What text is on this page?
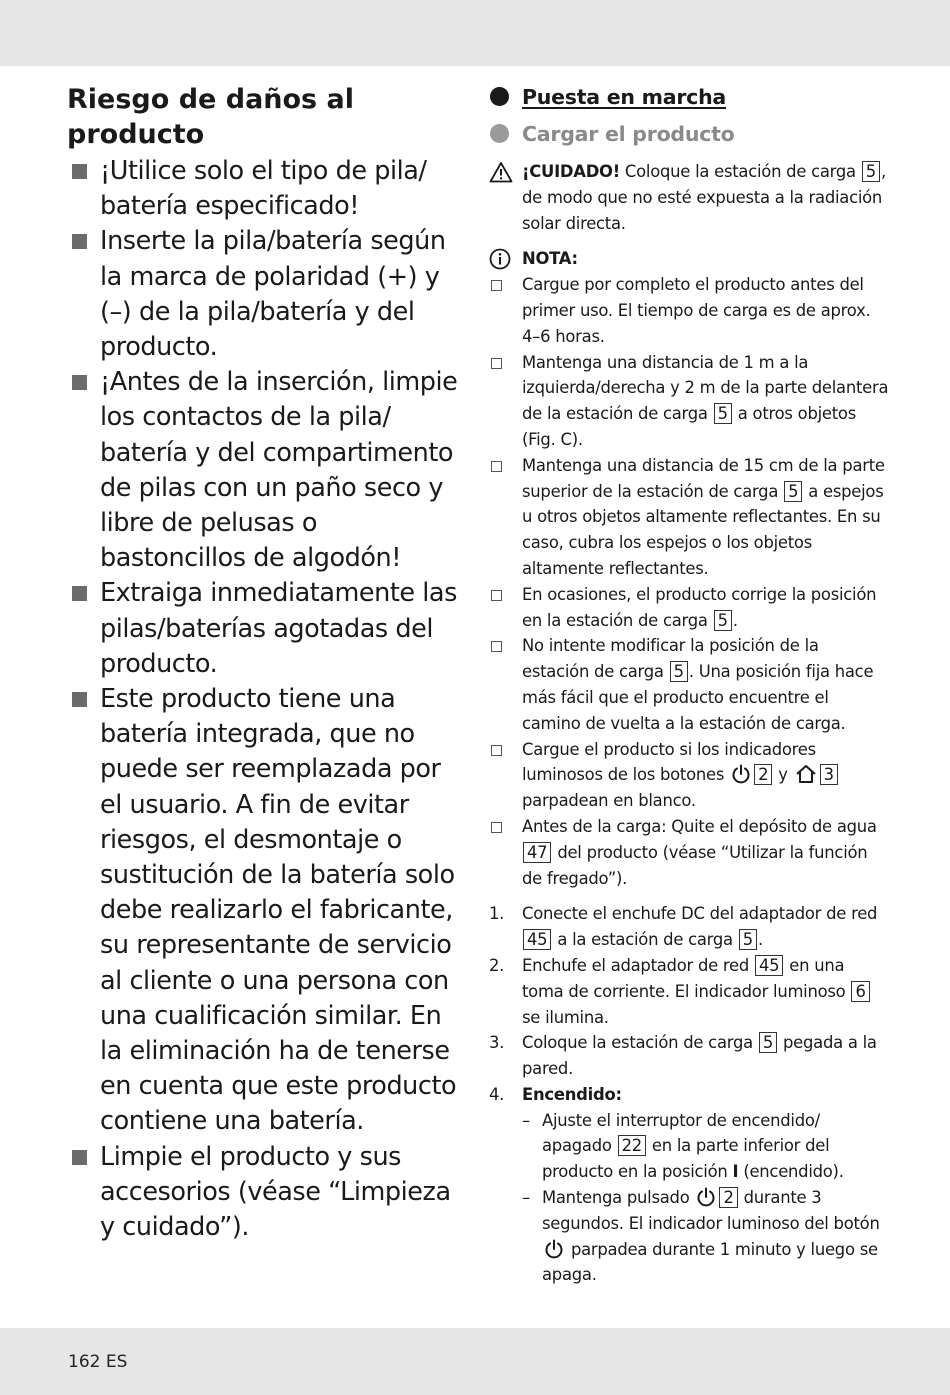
Riesgo de daños al producto
¡Utilice solo el tipo de pila/ batería especificado!
Inserte la pila/batería según la marca de polaridad (+) y (–) de la pila/batería y del producto.
¡Antes de la inserción, limpie los contactos de la pila/ batería y del compartimento de pilas con un paño seco y libre de pelusas o bastoncillos de algodón!
Extraiga inmediatamente las pilas/baterías agotadas del producto.
Este producto tiene una batería integrada, que no puede ser reemplazada por el usuario. A fin de evitar riesgos, el desmontaje o sustitución de la batería solo debe realizarlo el fabricante, su representante de servicio al cliente o una persona con una cualificación similar. En la eliminación ha de tenerse en cuenta que este producto contiene una batería.
Limpie el producto y sus accesorios (véase “Limpieza y cuidado”).
Puesta en marcha
Cargar el producto
¡CUIDADO! Coloque la estación de carga 5 , de modo que no esté expuesta a la radiación solar directa.
NOTA:
Cargue por completo el producto antes del primer uso. El tiempo de carga es de aprox. 4–6 horas.
Mantenga una distancia de 1 m a la izquierda/derecha y 2 m de la parte delantera de la estación de carga 5 a otros objetos (Fig. C).
Mantenga una distancia de 15 cm de la parte superior de la estación de carga 5 a espejos u otros objetos altamente reflectantes. En su caso, cubra los espejos o los objetos altamente reflectantes.
En ocasiones, el producto corrige la posición en la estación de carga 5 .
No intente modificar la posición de la estación de carga 5 . Una posición fija hace más fácil que el producto encuentre el camino de vuelta a la estación de carga.
Cargue el producto si los indicadores luminosos de los botones 2 y 3 parpadean en blanco.
Antes de la carga: Quite el depósito de agua 47 del producto (véase “Utilizar la función de fregado”).
1. Conecte el enchufe DC del adaptador de red 45 a la estación de carga 5 .
2. Enchufe el adaptador de red 45 en una toma de corriente. El indicador luminoso 6 se ilumina.
3. Coloque la estación de carga 5 pegada a la pared.
4. Encendido:
– Ajuste el interruptor de encendido/ apagado 22 en la parte inferior del producto en la posición I (encendido).
– Mantenga pulsado 2 durante 3 segundos. El indicador luminoso del botón  parpadea durante 1 minuto y luego se apaga.
162 ES
